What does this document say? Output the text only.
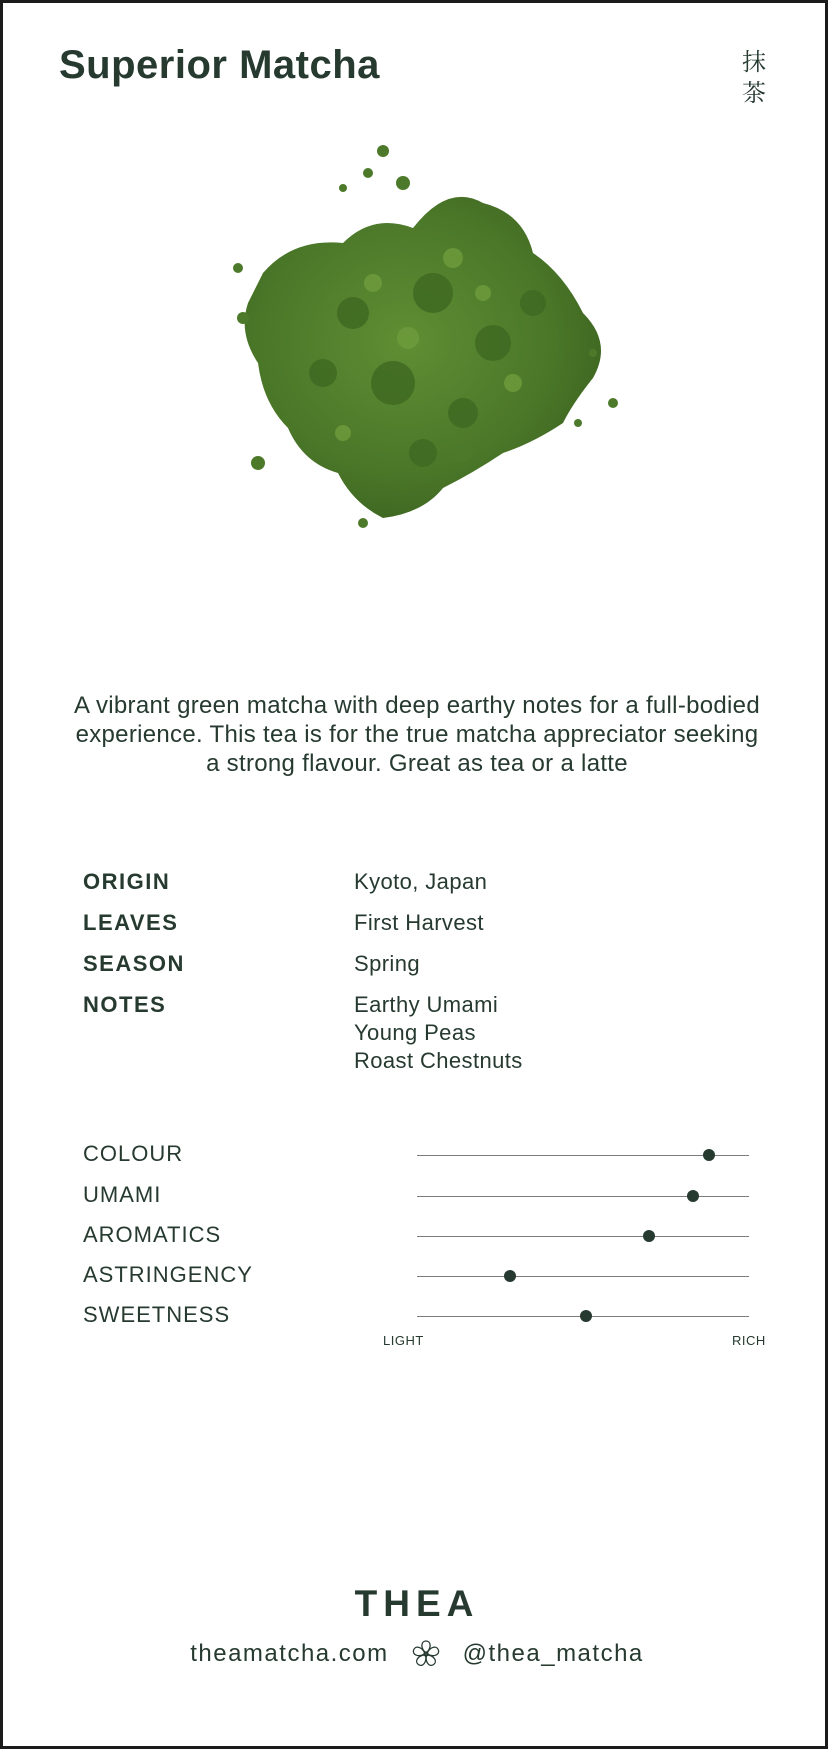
Superior Matcha	抹
茶
A vibrant green matcha with deep earthy notes for a full-bodied experience. This tea is for the true matcha appreciator seeking a strong flavour. Great as tea or a latte
ORIGIN	Kyoto, Japan
LEAVES	First Harvest
SEASON	Spring
NOTES	Earthy Umami
Young Peas
Roast Chestnuts
COLOUR
UMAMI
AROMATICS
ASTRINGENCY
SWEETNESS
LIGHT	RICH
THEA
theamatcha.com	@thea_matcha
